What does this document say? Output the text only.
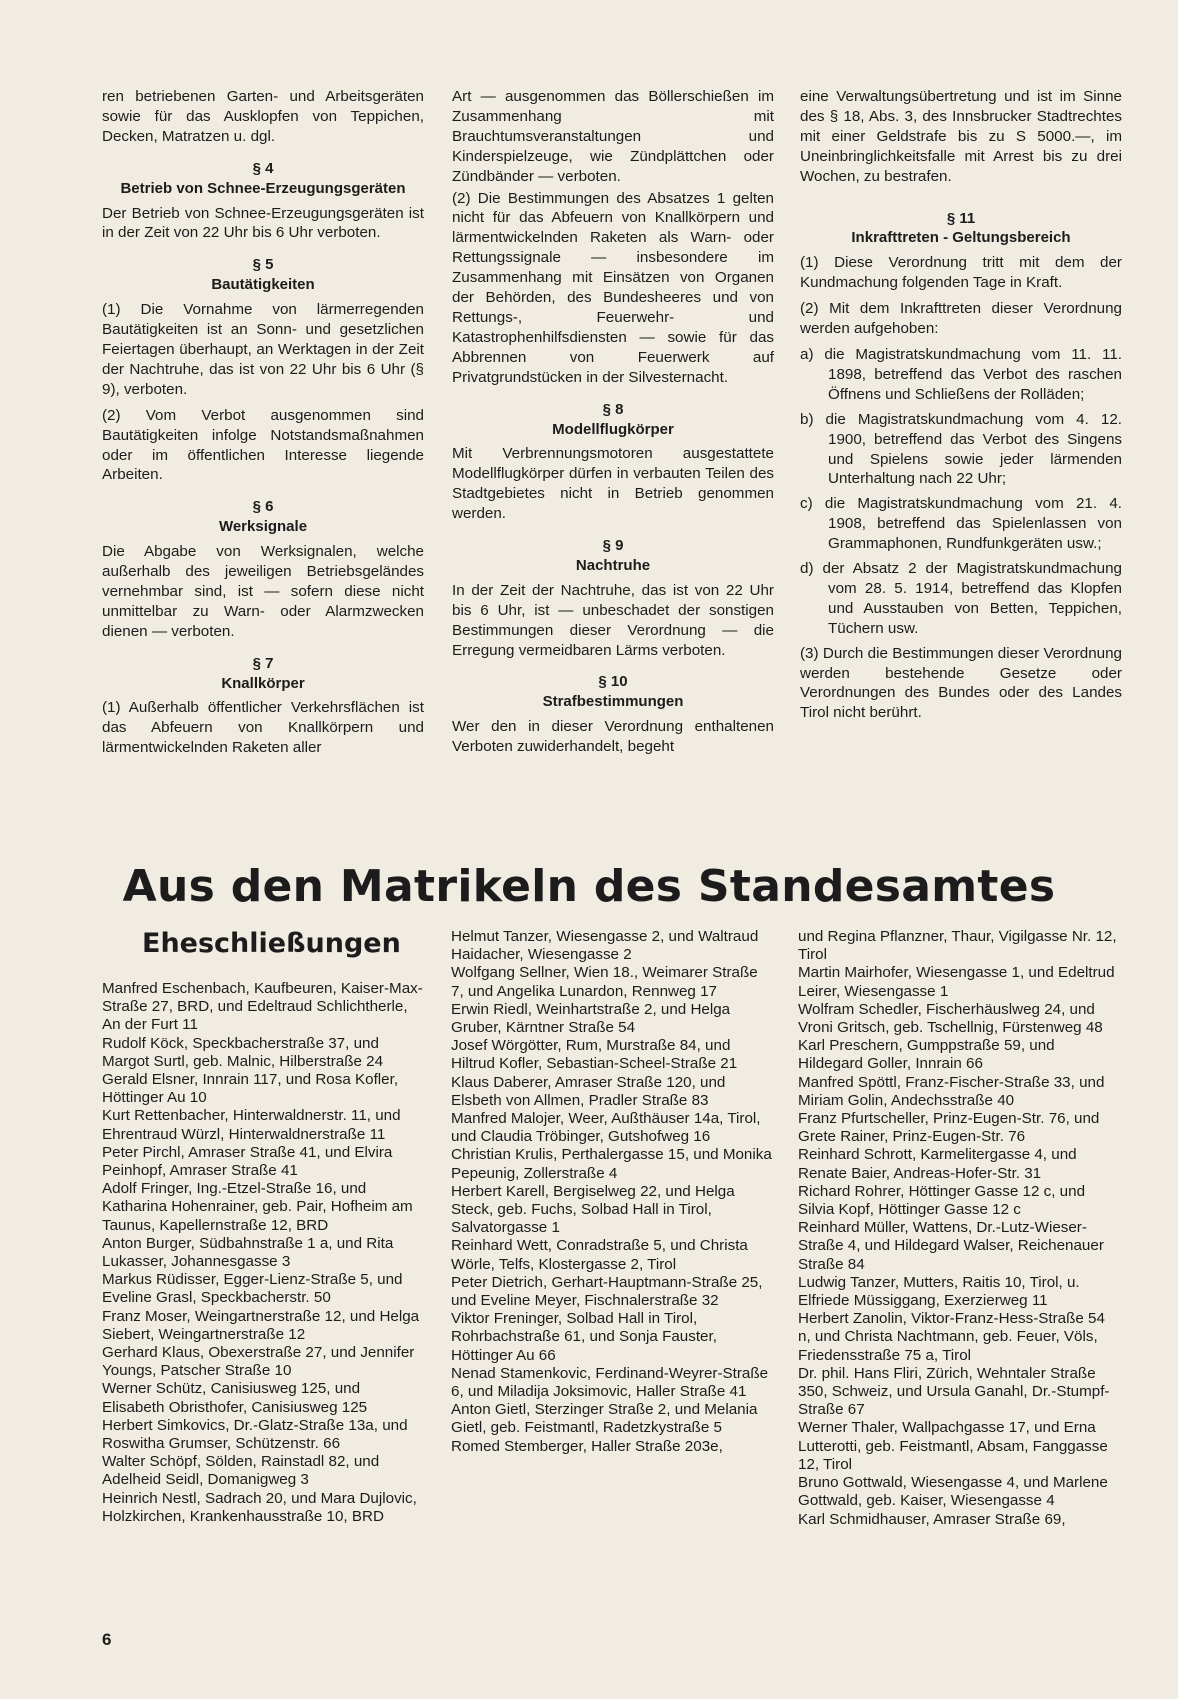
ren betriebenen Garten- und Arbeitsgeräten sowie für das Ausklopfen von Teppichen, Decken, Matratzen u. dgl.

§ 4
Betrieb von Schnee-Erzeugungsgeräten

Der Betrieb von Schnee-Erzeugungsgeräten ist in der Zeit von 22 Uhr bis 6 Uhr verboten.

§ 5
Bautätigkeiten

(1) Die Vornahme von lärmerregenden Bautätigkeiten ist an Sonn- und gesetzlichen Feiertagen überhaupt, an Werktagen in der Zeit der Nachtruhe, das ist von 22 Uhr bis 6 Uhr (§ 9), verboten.

(2) Vom Verbot ausgenommen sind Bautätigkeiten infolge Notstandsmaßnahmen oder im öffentlichen Interesse liegende Arbeiten.

§ 6
Werksignale

Die Abgabe von Werksignalen, welche außerhalb des jeweiligen Betriebsgeländes vernehmbar sind, ist — sofern diese nicht unmittelbar zu Warn- oder Alarmzwecken dienen — verboten.

§ 7
Knallkörper

(1) Außerhalb öffentlicher Verkehrsflächen ist das Abfeuern von Knallkörpern und lärmentwickelnden Raketen aller

Art — ausgenommen das Böllerschießen im Zusammenhang mit Brauchtumsveranstaltungen und Kinderspielzeuge, wie Zündplättchen oder Zündbänder — verboten.

(2) Die Bestimmungen des Absatzes 1 gelten nicht für das Abfeuern von Knallkörpern und lärmentwickelnden Raketen als Warn- oder Rettungssignale — insbesondere im Zusammenhang mit Einsätzen von Organen der Behörden, des Bundesheeres und von Rettungs-, Feuerwehr- und Katastrophenhilfsdiensten — sowie für das Abbrennen von Feuerwerk auf Privatgrundstücken in der Silvesternacht.

§ 8
Modellflugkörper

Mit Verbrennungsmotoren ausgestattete Modellflugkörper dürfen in verbauten Teilen des Stadtgebietes nicht in Betrieb genommen werden.

§ 9
Nachtruhe

In der Zeit der Nachtruhe, das ist von 22 Uhr bis 6 Uhr, ist — unbeschadet der sonstigen Bestimmungen dieser Verordnung — die Erregung vermeidbaren Lärms verboten.

§ 10
Strafbestimmungen

Wer den in dieser Verordnung enthaltenen Verboten zuwiderhandelt, begeht

eine Verwaltungsübertretung und ist im Sinne des § 18, Abs. 3, des Innsbrucker Stadtrechtes mit einer Geldstrafe bis zu S 5000.—, im Uneinbringlichkeitsfalle mit Arrest bis zu drei Wochen, zu bestrafen.

§ 11
Inkrafttreten - Geltungsbereich

(1) Diese Verordnung tritt mit dem der Kundmachung folgenden Tage in Kraft.

(2) Mit dem Inkrafttreten dieser Verordnung werden aufgehoben:

a) die Magistratskundmachung vom 11. 11. 1898, betreffend das Verbot des raschen Öffnens und Schließens der Rolläden;

b) die Magistratskundmachung vom 4. 12. 1900, betreffend das Verbot des Singens und Spielens sowie jeder lärmenden Unterhaltung nach 22 Uhr;

c) die Magistratskundmachung vom 21. 4. 1908, betreffend das Spielenlassen von Grammaphonen, Rundfunkgeräten usw.;

d) der Absatz 2 der Magistratskundmachung vom 28. 5. 1914, betreffend das Klopfen und Ausstauben von Betten, Teppichen, Tüchern usw.

(3) Durch die Bestimmungen dieser Verordnung werden bestehende Gesetze oder Verordnungen des Bundes oder des Landes Tirol nicht berührt.

Aus den Matrikeln des Standesamtes
Eheschließungen

Manfred Eschenbach, Kaufbeuren, Kaiser-Max-Straße 27, BRD, und Edeltraud Schlichtherle, An der Furt 11

Rudolf Köck, Speckbacherstraße 37, und Margot Surtl, geb. Malnic, Hilberstraße 24

Gerald Elsner, Innrain 117, und Rosa Kofler, Höttinger Au 10

Kurt Rettenbacher, Hinterwaldnerstr. 11, und Ehrentraud Würzl, Hinterwaldnerstraße 11

Peter Pirchl, Amraser Straße 41, und Elvira Peinhopf, Amraser Straße 41

Adolf Fringer, Ing.-Etzel-Straße 16, und Katharina Hohenrainer, geb. Pair, Hofheim am Taunus, Kapellernstraße 12, BRD

Anton Burger, Südbahnstraße 1 a, und Rita Lukasser, Johannesgasse 3

Markus Rüdisser, Egger-Lienz-Straße 5, und Eveline Grasl, Speckbacherstr. 50

Franz Moser, Weingartnerstraße 12, und Helga Siebert, Weingartnerstraße 12

Gerhard Klaus, Obexerstraße 27, und Jennifer Youngs, Patscher Straße 10

Werner Schütz, Canisiusweg 125, und Elisabeth Obristhofer, Canisiusweg 125

Herbert Simkovics, Dr.-Glatz-Straße 13a, und Roswitha Grumser, Schützenstr. 66

Walter Schöpf, Sölden, Rainstadl 82, und Adelheid Seidl, Domanigweg 3

Heinrich Nestl, Sadrach 20, und Mara Dujlovic, Holzkirchen, Krankenhausstraße 10, BRD

Helmut Tanzer, Wiesengasse 2, und Waltraud Haidacher, Wiesengasse 2

Wolfgang Sellner, Wien 18., Weimarer Straße 7, und Angelika Lunardon, Rennweg 17

Erwin Riedl, Weinhartstraße 2, und Helga Gruber, Kärntner Straße 54

Josef Wörgötter, Rum, Murstraße 84, und Hiltrud Kofler, Sebastian-Scheel-Straße 21

Klaus Daberer, Amraser Straße 120, und Elsbeth von Allmen, Pradler Straße 83

Manfred Malojer, Weer, Außthäuser 14a, Tirol, und Claudia Tröbinger, Gutshofweg 16

Christian Krulis, Perthalergasse 15, und Monika Pepeunig, Zollerstraße 4

Herbert Karell, Bergiselweg 22, und Helga Steck, geb. Fuchs, Solbad Hall in Tirol, Salvatorgasse 1

Reinhard Wett, Conradstraße 5, und Christa Wörle, Telfs, Klostergasse 2, Tirol

Peter Dietrich, Gerhart-Hauptmann-Straße 25, und Eveline Meyer, Fischnalerstraße 32

Viktor Freninger, Solbad Hall in Tirol, Rohrbachstraße 61, und Sonja Fauster, Höttinger Au 66

Nenad Stamenkovic, Ferdinand-Weyrer-Straße 6, und Miladija Joksimovic, Haller Straße 41

Anton Gietl, Sterzinger Straße 2, und Melania Gietl, geb. Feistmantl, Radetzkystraße 5

Romed Stemberger, Haller Straße 203e,

und Regina Pflanzner, Thaur, Vigilgasse Nr. 12, Tirol

Martin Mairhofer, Wiesengasse 1, und Edeltrud Leirer, Wiesengasse 1

Wolfram Schedler, Fischerhäuslweg 24, und Vroni Gritsch, geb. Tschellnig, Fürstenweg 48

Karl Preschern, Gumppstraße 59, und Hildegard Goller, Innrain 66

Manfred Spöttl, Franz-Fischer-Straße 33, und Miriam Golin, Andechsstraße 40

Franz Pfurtscheller, Prinz-Eugen-Str. 76, und Grete Rainer, Prinz-Eugen-Str. 76

Reinhard Schrott, Karmelitergasse 4, und Renate Baier, Andreas-Hofer-Str. 31

Richard Rohrer, Höttinger Gasse 12 c, und Silvia Kopf, Höttinger Gasse 12 c

Reinhard Müller, Wattens, Dr.-Lutz-Wieser-Straße 4, und Hildegard Walser, Reichenauer Straße 84

Ludwig Tanzer, Mutters, Raitis 10, Tirol, u. Elfriede Müssiggang, Exerzierweg 11

Herbert Zanolin, Viktor-Franz-Hess-Straße 54 n, und Christa Nachtmann, geb. Feuer, Völs, Friedensstraße 75 a, Tirol

Dr. phil. Hans Fliri, Zürich, Wehntaler Straße 350, Schweiz, und Ursula Ganahl, Dr.-Stumpf-Straße 67

Werner Thaler, Wallpachgasse 17, und Erna Lutterotti, geb. Feistmantl, Absam, Fanggasse 12, Tirol

Bruno Gottwald, Wiesengasse 4, und Marlene Gottwald, geb. Kaiser, Wiesengasse 4

Karl Schmidhauser, Amraser Straße 69,

6
